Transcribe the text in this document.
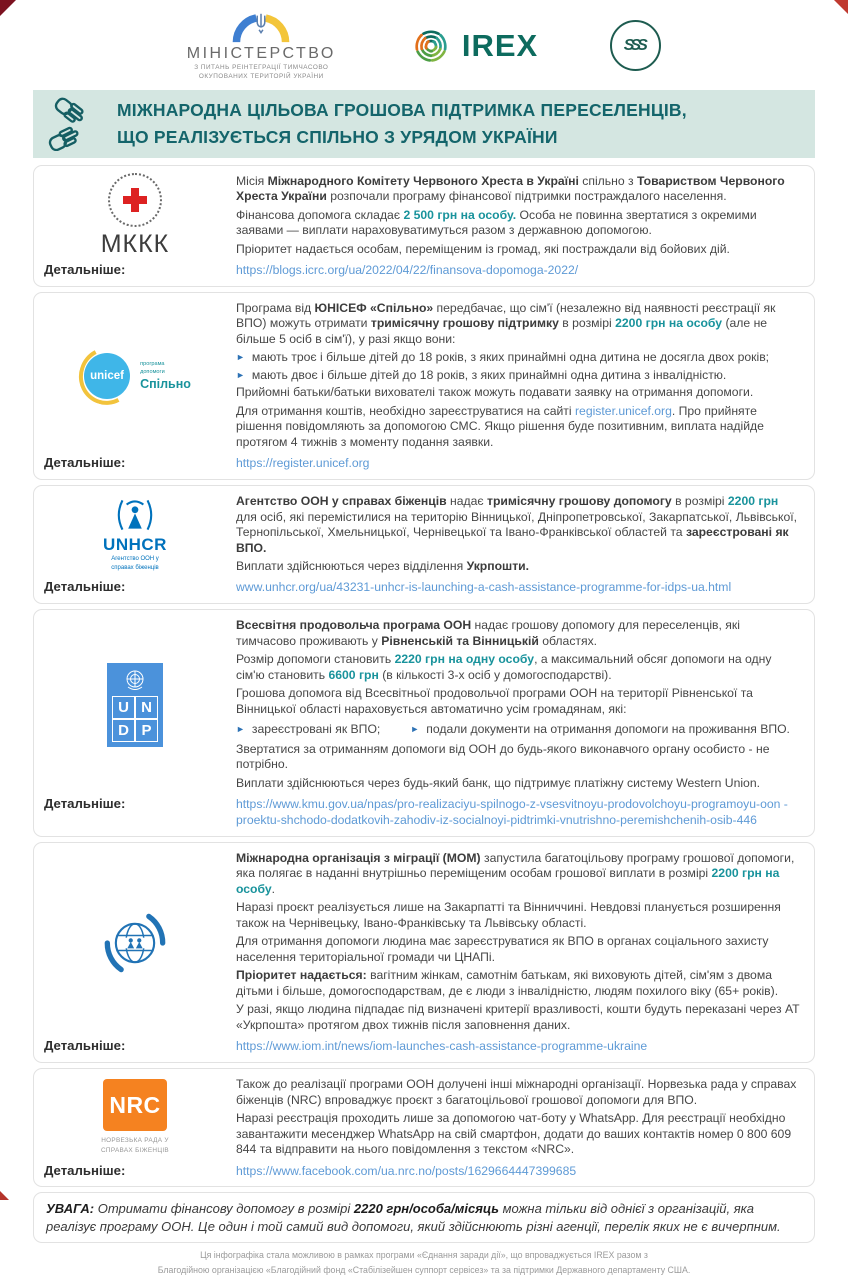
МІНІСТЕРСТВО
З ПИТАНЬ РЕІНТЕГРАЦІЇ ТИМЧАСОВО
ОКУПОВАНИХ ТЕРИТОРІЙ УКРАЇНИ
IREX	SSS
МІЖНАРОДНА ЦІЛЬОВА ГРОШОВА ПІДТРИМКА ПЕРЕСЕЛЕНЦІВ,
ЩО РЕАЛІЗУЄТЬСЯ СПІЛЬНО З УРЯДОМ УКРАЇНИ
МККК

Місія Міжнародного Комітету Червоного Хреста в Україні спільно з Товариством Червоного Хреста України розпочали програму фінансової підтримки постраждалого населення.

Фінансова допомога складає 2 500 грн на особу. Особа не повинна звертатися з окремими заявами — виплати нараховуватимуться разом з державною допомогою.

Пріоритет надається особам, переміщеним із громад, які постраждали від бойових дій.

Детальніше:	https://blogs.icrc.org/ua/2022/04/22/finansova-dopomoga-2022/
unicef
програма допомоги
Спільно

Програма від ЮНІСЕФ «Спільно» передбачає, що сім'ї (незалежно від наявності реєстрації як ВПО) можуть отримати тримісячну грошову підтримку в розмірі 2200 грн на особу (але не більше 5 осіб в сім'ї), у разі якщо вони:

► мають троє і більше дітей до 18 років, з яких принаймні одна дитина не досягла двох років;
► мають двоє і більше дітей до 18 років, з яких принаймні одна дитина з інвалідністю.

Прийомні батьки/батьки вихователі також можуть подавати заявку на отримання допомоги.

Для отримання коштів, необхідно зареєструватися на сайті register.unicef.org. Про прийняте рішення повідомляють за допомогою СМС. Якщо рішення буде позитивним, виплата надійде протягом 4 тижнів з моменту подання заявки.

Детальніше:	https://register.unicef.org
UNHCR
Агентство ООН у
справах біженців

Агентство ООН у справах біженців надає тримісячну грошову допомогу в розмірі 2200 грн для осіб, які перемістилися на територію Вінницької, Дніпропетровської, Закарпатської, Львівської, Тернопільської, Хмельницької, Чернівецької та Івано-Франківської областей та зареєстровані як ВПО.

Виплати здійснюються через відділення Укрпошти.

Детальніше:	www.unhcr.org/ua/43231-unhcr-is-launching-a-cash-assistance-programme-for-idps-ua.html
U N
D P

Всесвітня продовольча програма ООН надає грошову допомогу для переселенців, які тимчасово проживають у Рівненській та Вінницькій областях.

Розмір допомоги становить 2220 грн на одну особу, а максимальний обсяг допомоги на одну сім'ю становить 6600 грн (в кількості 3-х осіб у домогосподарстві).

Грошова допомога від Всесвітньої продовольчої програми ООН на території Рівненської та Вінницької області нараховується автоматично усім громадянам, які:

► зареєстровані як ВПО;	► подали документи на отримання допомоги на проживання ВПО.

Звертатися за отриманням допомоги від ООН до будь-якого виконавчого органу особисто - не потрібно.

Виплати здійснюються через будь-який банк, що підтримує платіжну систему Western Union.

Детальніше:	https://www.kmu.gov.ua/npas/pro-realizaciyu-spilnogo-z-vsesvitnoyu-prodovolchoyu-programoyu-oon -proektu-shchodo-dodatkovih-zahodiv-iz-socialnoyi-pidtrimki-vnutrishno-peremishchenih-osib-446

Міжнародна організація з міграції (МОМ) запустила багатоцільову програму грошової допомоги, яка полягає в наданні внутрішньо переміщеним особам грошової виплати в розмірі 2200 грн на особу.

Наразі проєкт реалізується лише на Закарпатті та Вінниччині. Невдовзі планується розширення також на Чернівецьку, Івано-Франківську та Львівську області.

Для отримання допомоги людина має зареєструватися як ВПО в органах соціального захисту населення територіальної громади чи ЦНАПі.

Пріоритет надається: вагітним жінкам, самотнім батькам, які виховують дітей, сім'ям з двома дітьми і більше, домогосподарствам, де є люди з інвалідністю, людям похилого віку (65+ років).

У разі, якщо людина підпадає під визначені критерії вразливості, кошти будуть переказані через АТ «Укрпошта» протягом двох тижнів після заповнення даних.

Детальніше:	https://www.iom.int/news/iom-launches-cash-assistance-programme-ukraine
NRC
НОРВЕЗЬКА РАДА У
СПРАВАХ БІЖЕНЦІВ

Також до реалізації програми ООН долучені інші міжнародні організації. Норвезька рада у справах біженців (NRC) впроваджує проєкт з багатоцільової грошової допомоги для ВПО.

Наразі реєстрація проходить лише за допомогою чат-боту у WhatsApp. Для реєстрації необхідно завантажити месенджер WhatsApp на свій смартфон, додати до ваших контактів номер 0 800 609 844 та відправити на нього повідомлення з текстом «NRC».

Детальніше:	https://www.facebook.com/ua.nrc.no/posts/1629664447399685
УВАГА: Отримати фінансову допомогу в розмірі 2220 грн/особа/місяць можна тільки від однієї з організацій, яка реалізує програму ООН. Це один і той самий вид допомоги, який здійснюють різні агенції, перелік яких не є вичерпним.
Ця інфографіка стала можливою в рамках програми «Єднання заради дії», що впроваджується IREX разом з
Благодійною організацією «Благодійний фонд «Стабілізейшен суппорт сервісез» та за підтримки Державного департаменту США.
